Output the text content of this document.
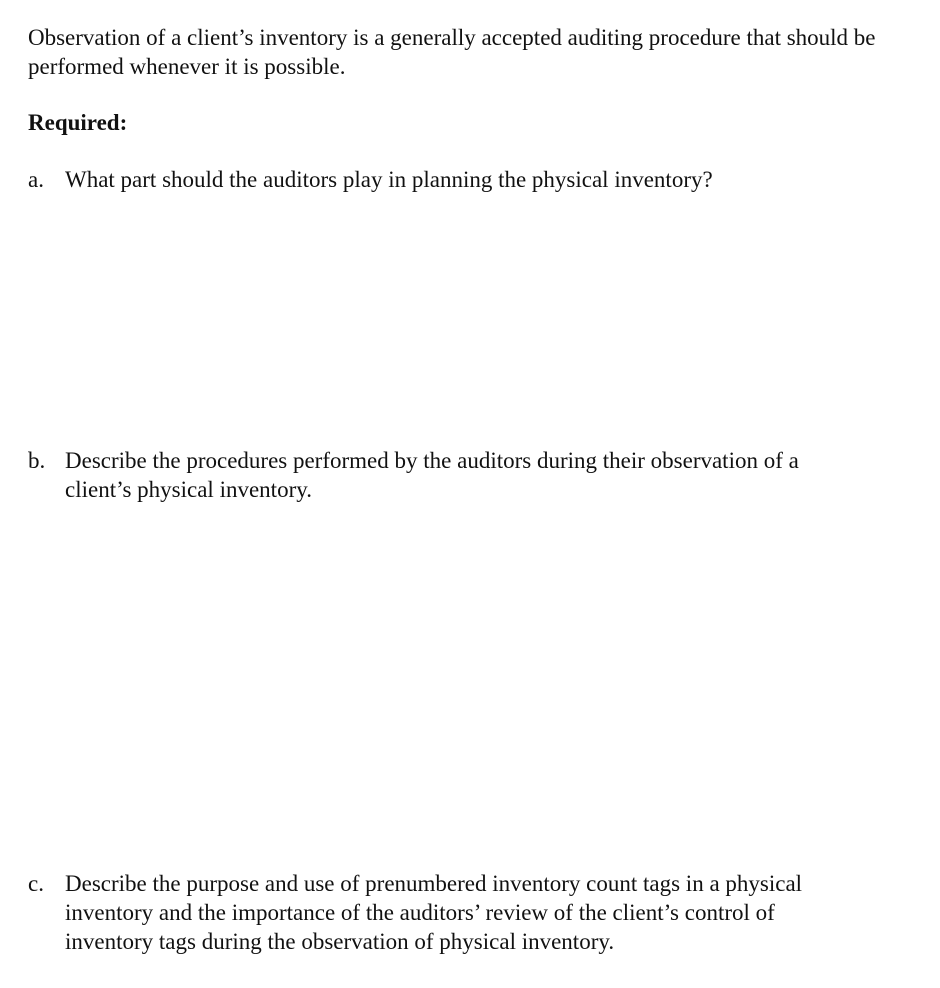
Observation of a client’s inventory is a generally accepted auditing procedure that should be performed whenever it is possible.

Required:

a. What part should the auditors play in planning the physical inventory?
b. Describe the procedures performed by the auditors during their observation of a client’s physical inventory.
c. Describe the purpose and use of prenumbered inventory count tags in a physical inventory and the importance of the auditors’ review of the client’s control of inventory tags during the observation of physical inventory.
